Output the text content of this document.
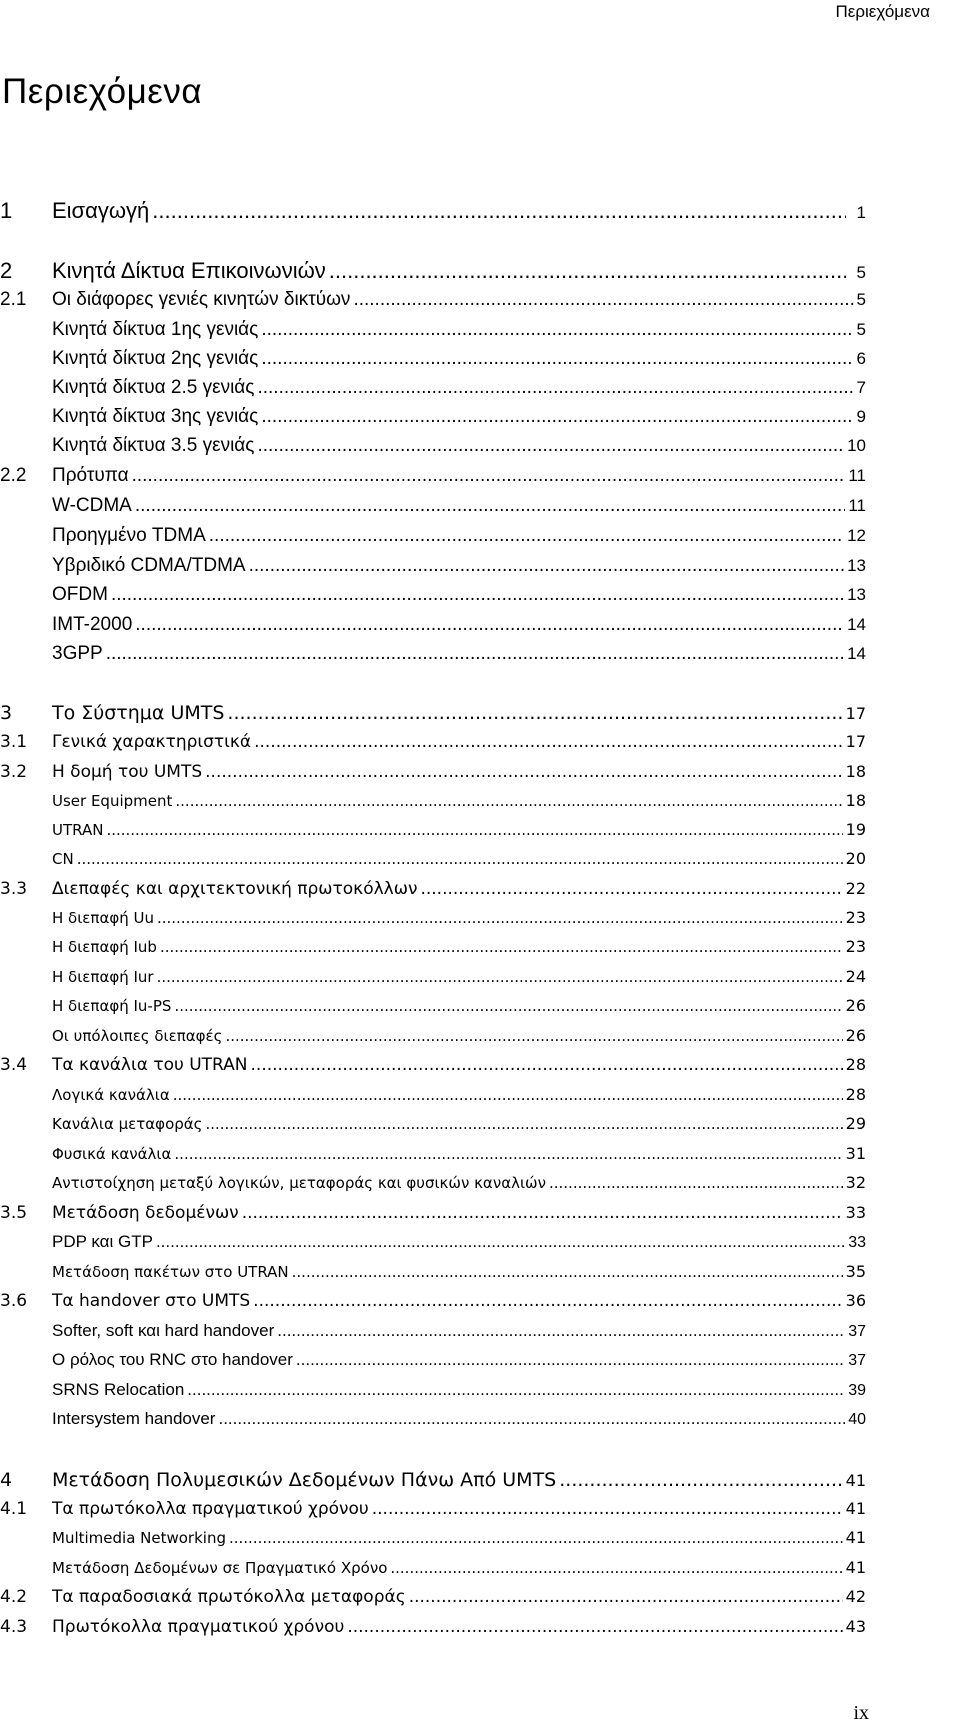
Περιεχόμενα
Περιεχόμενα
1	Εισαγωγή .....	1
2	Κινητά Δίκτυα Επικοινωνιών .....	5
2.1	Οι διάφορες γενιές κινητών δικτύων .....	5
Κινητά δίκτυα 1ης γενιάς .....	5
Κινητά δίκτυα 2ης γενιάς .....	6
Κινητά δίκτυα 2.5 γενιάς .....	7
Κινητά δίκτυα 3ης γενιάς .....	9
Κινητά δίκτυα 3.5 γενιάς .....	10
2.2	Πρότυπα .....	11
W-CDMA .....	11
Προηγμένο TDMA .....	12
Υβριδικό CDMA/TDMA .....	13
OFDM .....	13
IMT-2000 .....	14
3GPP .....	14
3	Το Σύστημα UMTS .....	17
3.1	Γενικά χαρακτηριστικά .....	17
3.2	Η δομή του UMTS .....	18
User Equipment .....	18
UTRAN .....	19
CN .....	20
3.3	Διεπαφές και αρχιτεκτονική πρωτοκόλλων .....	22
Η διεπαφή Uu .....	23
Η διεπαφή Iub .....	23
Η διεπαφή Iur .....	24
Η διεπαφή Iu-PS .....	26
Οι υπόλοιπες διεπαφές .....	26
3.4	Τα κανάλια του UTRAN .....	28
Λογικά κανάλια .....	28
Κανάλια μεταφοράς .....	29
Φυσικά κανάλια .....	31
Αντιστοίχηση μεταξύ λογικών, μεταφοράς και φυσικών καναλιών .....	32
3.5	Μετάδοση δεδομένων .....	33
PDP και GTP .....	33
Μετάδοση πακέτων στο UTRAN .....	35
3.6	Τα handover στο UMTS .....	36
Softer, soft και hard handover .....	37
Ο ρόλος του RNC στο handover .....	37
SRNS Relocation .....	39
Intersystem handover .....	40
4	Μετάδοση Πολυμεσικών Δεδομένων Πάνω Από UMTS .....	41
4.1	Τα πρωτόκολλα πραγματικού χρόνου .....	41
Multimedia Networking .....	41
Μετάδοση Δεδομένων σε Πραγματικό Χρόνο .....	41
4.2	Τα παραδοσιακά πρωτόκολλα μεταφοράς .....	42
4.3	Πρωτόκολλα πραγματικού χρόνου .....	43
ix
